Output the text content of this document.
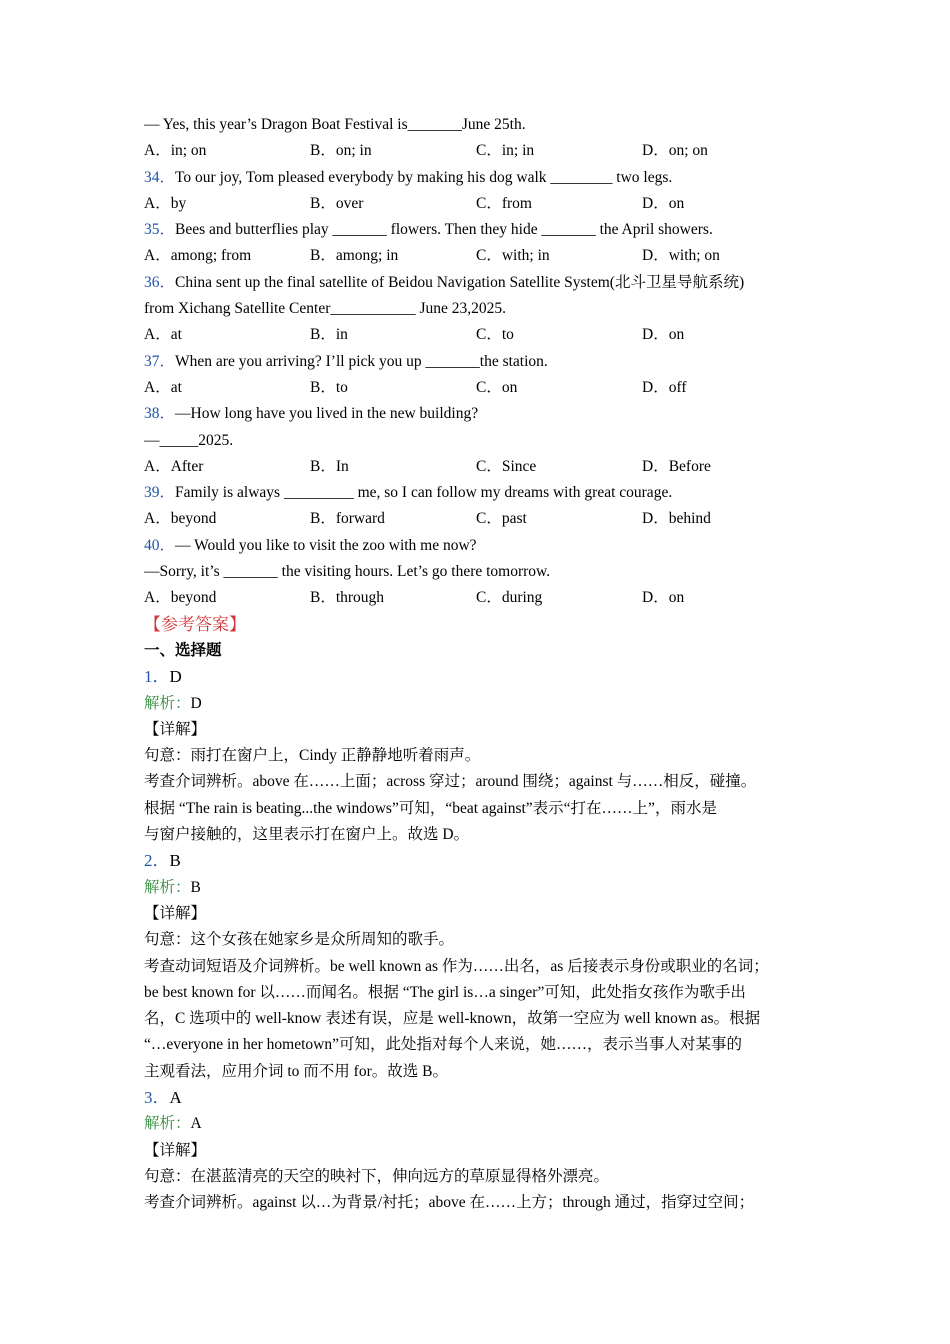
— Yes, this year’s Dragon Boat Festival is_______June 25th.
A．in; on	B．on; in	C．in; in	D．on; on
34．To our joy, Tom pleased everybody by making his dog walk ________ two legs.
A．by	B．over	C．from	D．on
35．Bees and butterflies play _______ flowers. Then they hide _______ the April showers.
A．among; from	B．among; in	C．with; in	D．with; on
36．China sent up the final satellite of Beidou Navigation Satellite System(北斗卫星导航系统)
from Xichang Satellite Center___________ June 23,2025.
A．at	B．in	C．to	D．on
37．When are you arriving? I’ll pick you up _______the station.
A．at	B．to	C．on	D．off
38．—How long have you lived in the new building?
—_____2025.
A．After	B．In	C．Since	D．Before
39．Family is always _________ me, so I can follow my dreams with great courage.
A．beyond	B．forward	C．past	D．behind
40．— Would you like to visit the zoo with me now?
—Sorry, it’s _______ the visiting hours. Let’s go there tomorrow.
A．beyond	B．through	C．during	D．on
【参考答案】
一、选择题
1．D
解析：D
【详解】
句意：雨打在窗户上，Cindy 正静静地听着雨声。
考查介词辨析。above 在……上面；across 穿过；around 围绕；against 与……相反，碰撞。
根据 “The rain is beating...the windows”可知，“beat against”表示“打在……上”，雨水是
与窗户接触的，这里表示打在窗户上。故选 D。
2．B
解析：B
【详解】
句意：这个女孩在她家乡是众所周知的歌手。
考查动词短语及介词辨析。be well known as 作为……出名，as 后接表示身份或职业的名词；
be best known for 以……而闻名。根据 “The girl is…a singer”可知，此处指女孩作为歌手出
名，C 选项中的 well-know 表述有误，应是 well-known，故第一空应为 well known as。根据
“…everyone in her hometown”可知，此处指对每个人来说，她……，表示当事人对某事的
主观看法，应用介词 to 而不用 for。故选 B。
3．A
解析：A
【详解】
句意：在湛蓝清亮的天空的映衬下，伸向远方的草原显得格外漂亮。
考查介词辨析。against 以…为背景/衬托；above 在……上方；through 通过，指穿过空间；
